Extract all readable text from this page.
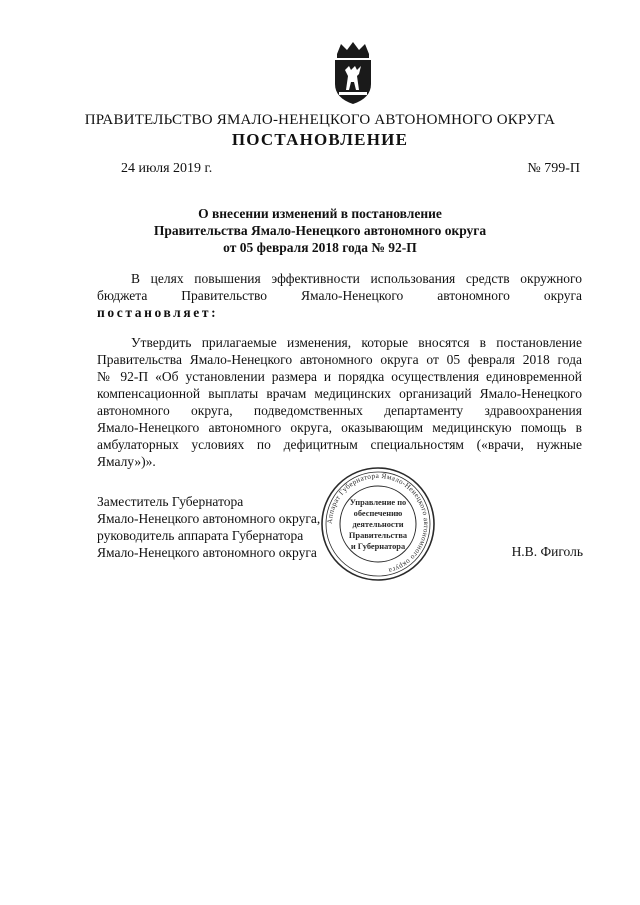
ПРАВИТЕЛЬСТВО ЯМАЛО-НЕНЕЦКОГО АВТОНОМНОГО ОКРУГА
ПОСТАНОВЛЕНИЕ
24 июля 2019 г.	№ 799-П
О внесении изменений в постановление
Правительства Ямало-Ненецкого автономного округа
от 05 февраля 2018 года № 92-П
В целях повышения эффективности использования средств окружного
бюджета Правительство Ямало-Ненецкого автономного округа
постановляет:
Утвердить прилагаемые изменения, которые вносятся в постановление
Правительства Ямало-Ненецкого автономного округа от 05 февраля 2018 года
№ 92-П «Об установлении размера и порядка осуществления единовременной
компенсационной выплаты врачам медицинских организаций Ямало-Ненецкого
автономного округа, подведомственных департаменту здравоохранения
Ямало-Ненецкого автономного округа, оказывающим медицинскую помощь в
амбулаторных условиях по дефицитным специальностям («врачи, нужные
Ямалу»)».
Заместитель Губернатора
Ямало-Ненецкого автономного округа,
руководитель аппарата Губернатора
Ямало-Ненецкого автономного округа	Н.В. Фиголь
Аппарат Губернатора Ямало-Ненецкого автономного округа
Управление по
обеспечению
деятельности
Правительства
и Губернатора
